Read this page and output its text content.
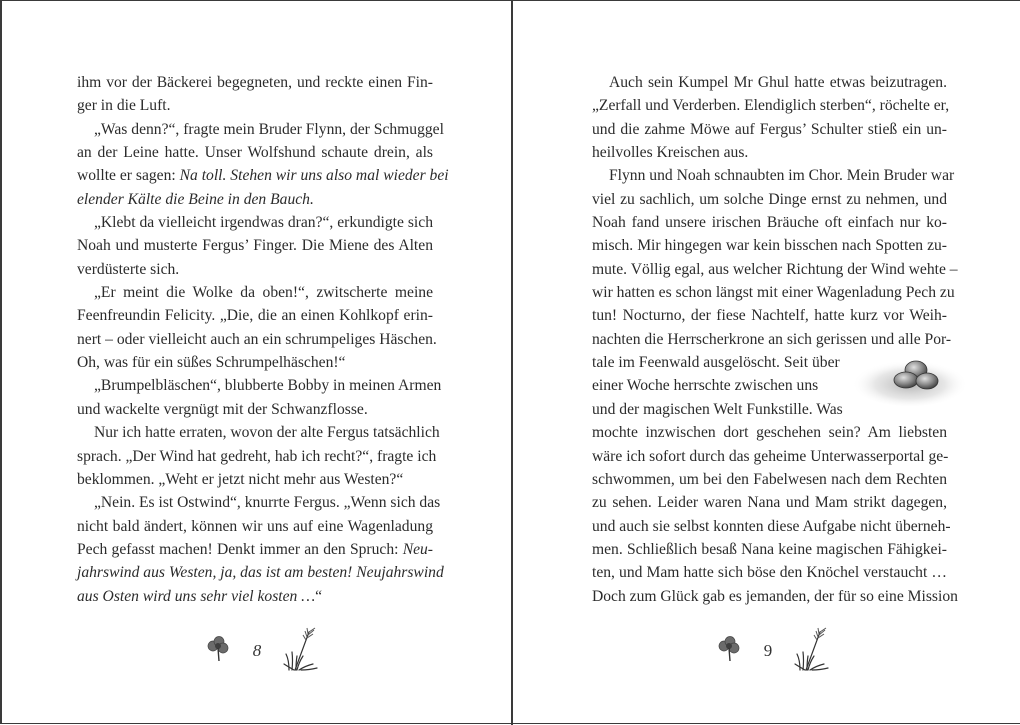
ihm vor der Bäckerei begegneten, und reckte einen Fin-
ger in die Luft.
„Was denn?“, fragte mein Bruder Flynn, der Schmuggel
an der Leine hatte. Unser Wolfshund schaute drein, als
wollte er sagen: Na toll. Stehen wir uns also mal wieder bei
elender Kälte die Beine in den Bauch.
„Klebt da vielleicht irgendwas dran?“, erkundigte sich
Noah und musterte Fergus’ Finger. Die Miene des Alten
verdüsterte sich.
„Er meint die Wolke da oben!“, zwitscherte meine
Feenfreundin Felicity. „Die, die an einen Kohlkopf erin-
nert – oder vielleicht auch an ein schrumpeliges Häschen.
Oh, was für ein süßes Schrumpelhäschen!“
„Brumpelbläschen“, blubberte Bobby in meinen Armen
und wackelte vergnügt mit der Schwanzflosse.
Nur ich hatte erraten, wovon der alte Fergus tatsächlich
sprach. „Der Wind hat gedreht, hab ich recht?“, fragte ich
beklommen. „Weht er jetzt nicht mehr aus Westen?“
„Nein. Es ist Ostwind“, knurrte Fergus. „Wenn sich das
nicht bald ändert, können wir uns auf eine Wagenladung
Pech gefasst machen! Denkt immer an den Spruch: Neu-
jahrswind aus Westen, ja, das ist am besten! Neujahrswind
aus Osten wird uns sehr viel kosten …“
8
Auch sein Kumpel Mr Ghul hatte etwas beizutragen.
„Zerfall und Verderben. Elendiglich sterben“, röchelte er,
und die zahme Möwe auf Fergus’ Schulter stieß ein un-
heilvolles Kreischen aus.
Flynn und Noah schnaubten im Chor. Mein Bruder war
viel zu sachlich, um solche Dinge ernst zu nehmen, und
Noah fand unsere irischen Bräuche oft einfach nur ko-
misch. Mir hingegen war kein bisschen nach Spotten zu-
mute. Völlig egal, aus welcher Richtung der Wind wehte –
wir hatten es schon längst mit einer Wagenladung Pech zu
tun! Nocturno, der fiese Nachtelf, hatte kurz vor Weih-
nachten die Herrscherkrone an sich gerissen und alle Por-
tale im Feenwald ausgelöscht. Seit über
einer Woche herrschte zwischen uns
und der magischen Welt Funkstille. Was
mochte inzwischen dort geschehen sein? Am liebsten
wäre ich sofort durch das geheime Unterwasserportal ge-
schwommen, um bei den Fabelwesen nach dem Rechten
zu sehen. Leider waren Nana und Mam strikt dagegen,
und auch sie selbst konnten diese Aufgabe nicht überneh-
men. Schließlich besaß Nana keine magischen Fähigkei-
ten, und Mam hatte sich böse den Knöchel verstaucht …
Doch zum Glück gab es jemanden, der für so eine Mission
9
